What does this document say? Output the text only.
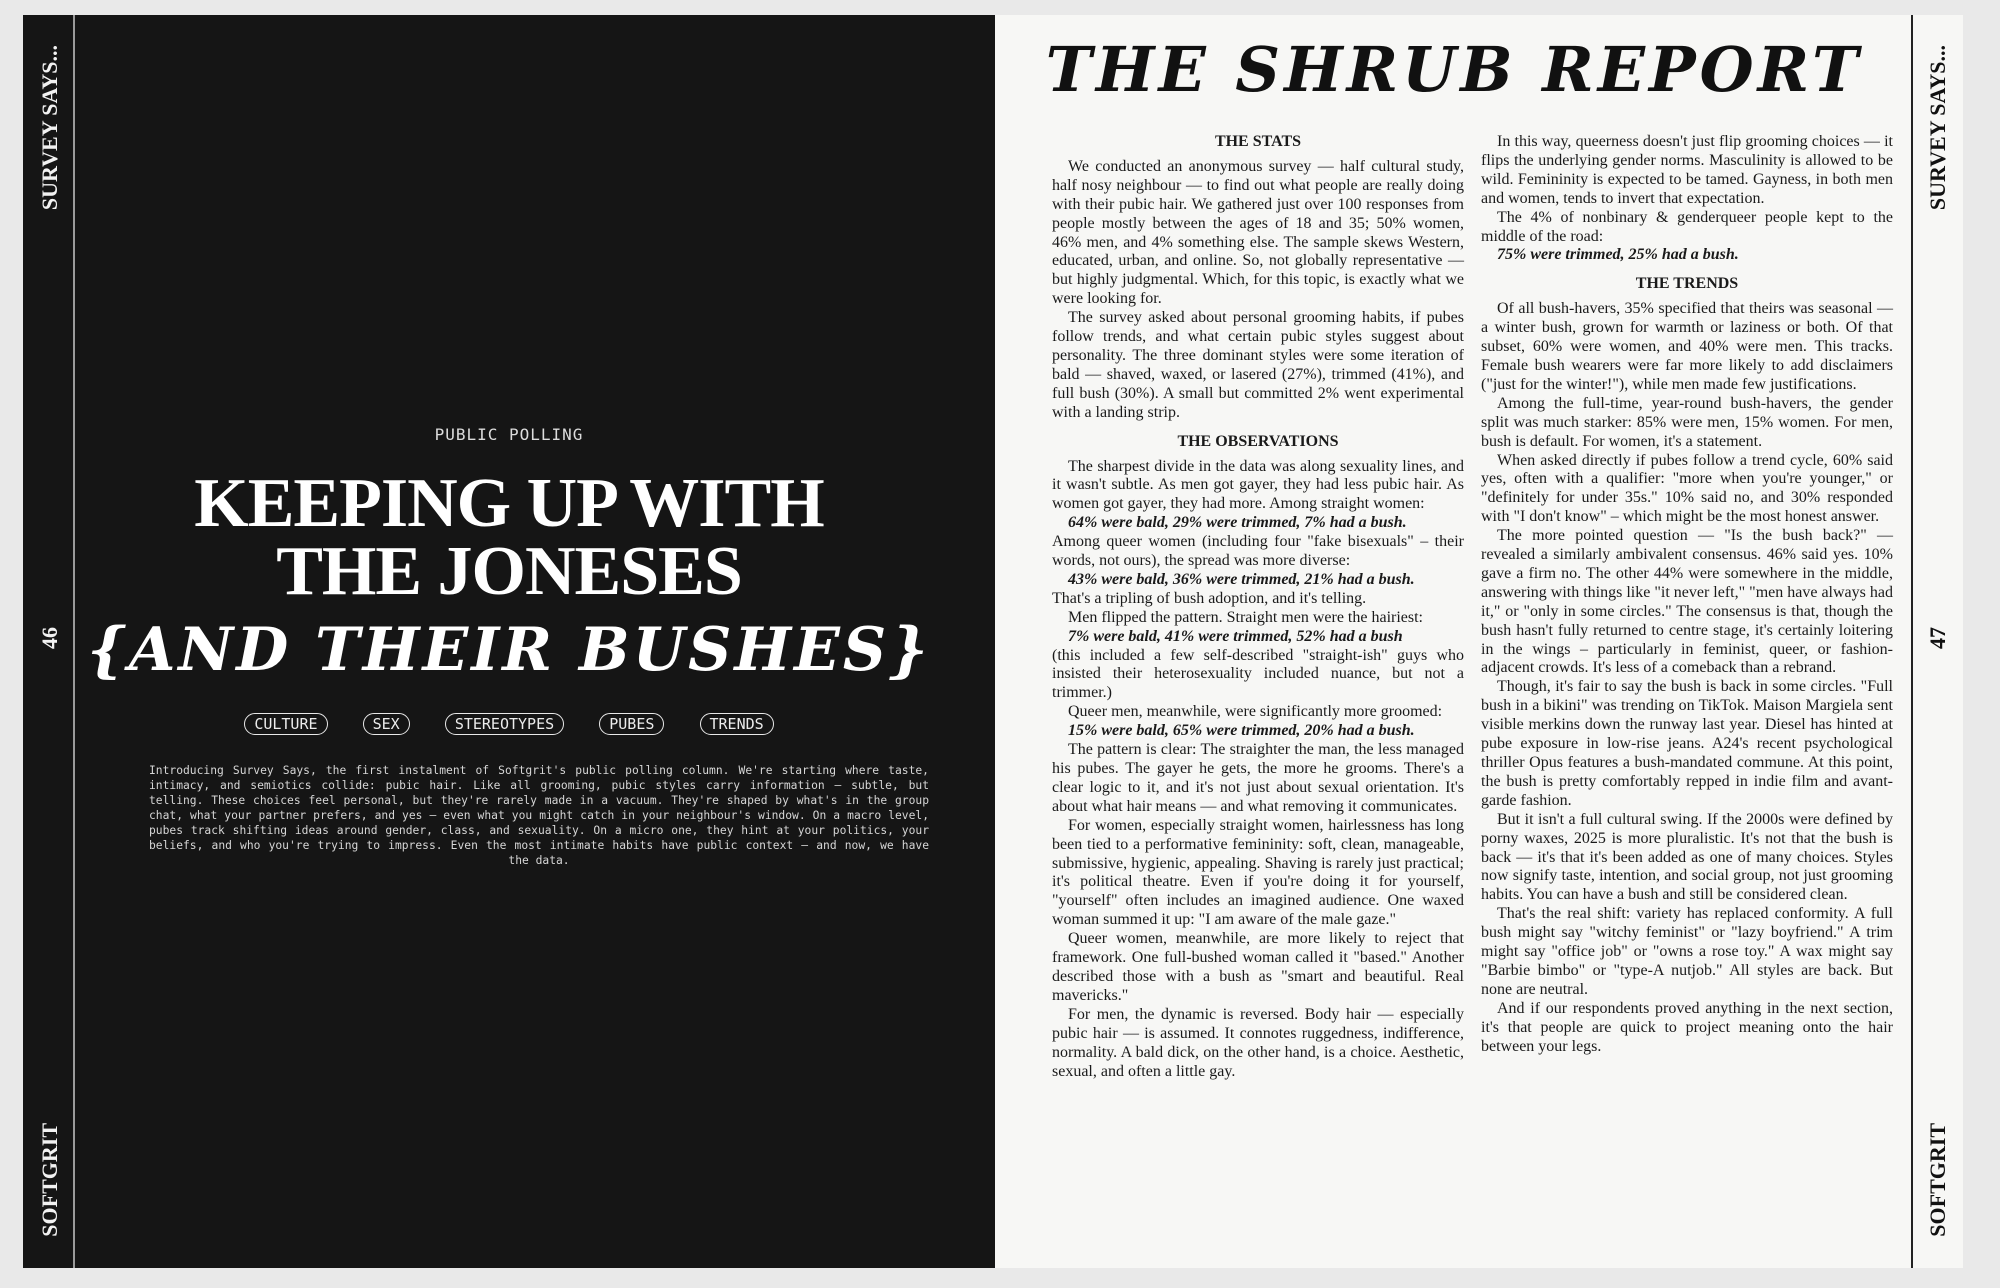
SURVEY SAYS...
46
SOFTGRIT
PUBLIC POLLING
KEEPING UP WITH
THE JONESES
{AND THEIR BUSHES}
CULTURE	SEX	STEREOTYPES	PUBES	TRENDS
Introducing Survey Says, the first instalment of Softgrit's public polling column. We're starting where taste, intimacy, and semiotics collide: pubic hair. Like all grooming, pubic styles carry information – subtle, but telling. These choices feel personal, but they're rarely made in a vacuum. They're shaped by what's in the group chat, what your partner prefers, and yes – even what you might catch in your neighbour's window. On a macro level, pubes track shifting ideas around gender, class, and sexuality. On a micro one, they hint at your politics, your beliefs, and who you're trying to impress. Even the most intimate habits have public context – and now, we have the data.
THE SHRUB REPORT
THE STATS

We conducted an anonymous survey — half cultural study, half nosy neighbour — to find out what people are really doing with their pubic hair. We gathered just over 100 responses from people mostly between the ages of 18 and 35; 50% women, 46% men, and 4% something else. The sample skews Western, educated, urban, and online. So, not globally representative — but highly judgmental. Which, for this topic, is exactly what we were looking for.

The survey asked about personal grooming habits, if pubes follow trends, and what certain pubic styles suggest about personality. The three dominant styles were some iteration of bald — shaved, waxed, or lasered (27%), trimmed (41%), and full bush (30%). A small but committed 2% went experimental with a landing strip.

THE OBSERVATIONS

The sharpest divide in the data was along sexuality lines, and it wasn't subtle. As men got gayer, they had less pubic hair. As women got gayer, they had more. Among straight women:

64% were bald, 29% were trimmed, 7% had a bush.

Among queer women (including four "fake bisexuals" – their words, not ours), the spread was more diverse:

43% were bald, 36% were trimmed, 21% had a bush.

That's a tripling of bush adoption, and it's telling.

Men flipped the pattern. Straight men were the hairiest:

7% were bald, 41% were trimmed, 52% had a bush

(this included a few self-described "straight-ish" guys who insisted their heterosexuality included nuance, but not a trimmer.)

Queer men, meanwhile, were significantly more groomed:

15% were bald, 65% were trimmed, 20% had a bush.

The pattern is clear: The straighter the man, the less managed his pubes. The gayer he gets, the more he grooms. There's a clear logic to it, and it's not just about sexual orientation. It's about what hair means — and what removing it communicates.

For women, especially straight women, hairlessness has long been tied to a performative femininity: soft, clean, manageable, submissive, hygienic, appealing. Shaving is rarely just practical; it's political theatre. Even if you're doing it for yourself, "yourself" often includes an imagined audience. One waxed woman summed it up: "I am aware of the male gaze."

Queer women, meanwhile, are more likely to reject that framework. One full-bushed woman called it "based." Another described those with a bush as "smart and beautiful. Real mavericks."

For men, the dynamic is reversed. Body hair — especially pubic hair — is assumed. It connotes ruggedness, indifference, normality. A bald dick, on the other hand, is a choice. Aesthetic, sexual, and often a little gay.

In this way, queerness doesn't just flip grooming choices — it flips the underlying gender norms. Masculinity is allowed to be wild. Femininity is expected to be tamed. Gayness, in both men and women, tends to invert that expectation.

The 4% of nonbinary & genderqueer people kept to the middle of the road:

75% were trimmed, 25% had a bush.

THE TRENDS

Of all bush-havers, 35% specified that theirs was seasonal — a winter bush, grown for warmth or laziness or both. Of that subset, 60% were women, and 40% were men. This tracks. Female bush wearers were far more likely to add disclaimers ("just for the winter!"), while men made few justifications.

Among the full-time, year-round bush-havers, the gender split was much starker: 85% were men, 15% women. For men, bush is default. For women, it's a statement.

When asked directly if pubes follow a trend cycle, 60% said yes, often with a qualifier: "more when you're younger," or "definitely for under 35s." 10% said no, and 30% responded with "I don't know" – which might be the most honest answer.

The more pointed question — "Is the bush back?" — revealed a similarly ambivalent consensus. 46% said yes. 10% gave a firm no. The other 44% were somewhere in the middle, answering with things like "it never left," "men have always had it," or "only in some circles." The consensus is that, though the bush hasn't fully returned to centre stage, it's certainly loitering in the wings – particularly in feminist, queer, or fashion-adjacent crowds. It's less of a comeback than a rebrand.

Though, it's fair to say the bush is back in some circles. "Full bush in a bikini" was trending on TikTok. Maison Margiela sent visible merkins down the runway last year. Diesel has hinted at pube exposure in low-rise jeans. A24's recent psychological thriller Opus features a bush-mandated commune. At this point, the bush is pretty comfortably repped in indie film and avant-garde fashion.

But it isn't a full cultural swing. If the 2000s were defined by porny waxes, 2025 is more pluralistic. It's not that the bush is back — it's that it's been added as one of many choices. Styles now signify taste, intention, and social group, not just grooming habits. You can have a bush and still be considered clean.

That's the real shift: variety has replaced conformity. A full bush might say "witchy feminist" or "lazy boyfriend." A trim might say "office job" or "owns a rose toy." A wax might say "Barbie bimbo" or "type-A nutjob." All styles are back. But none are neutral.

And if our respondents proved anything in the next section, it's that people are quick to project meaning onto the hair between your legs.

SURVEY SAYS...
47
SOFTGRIT
